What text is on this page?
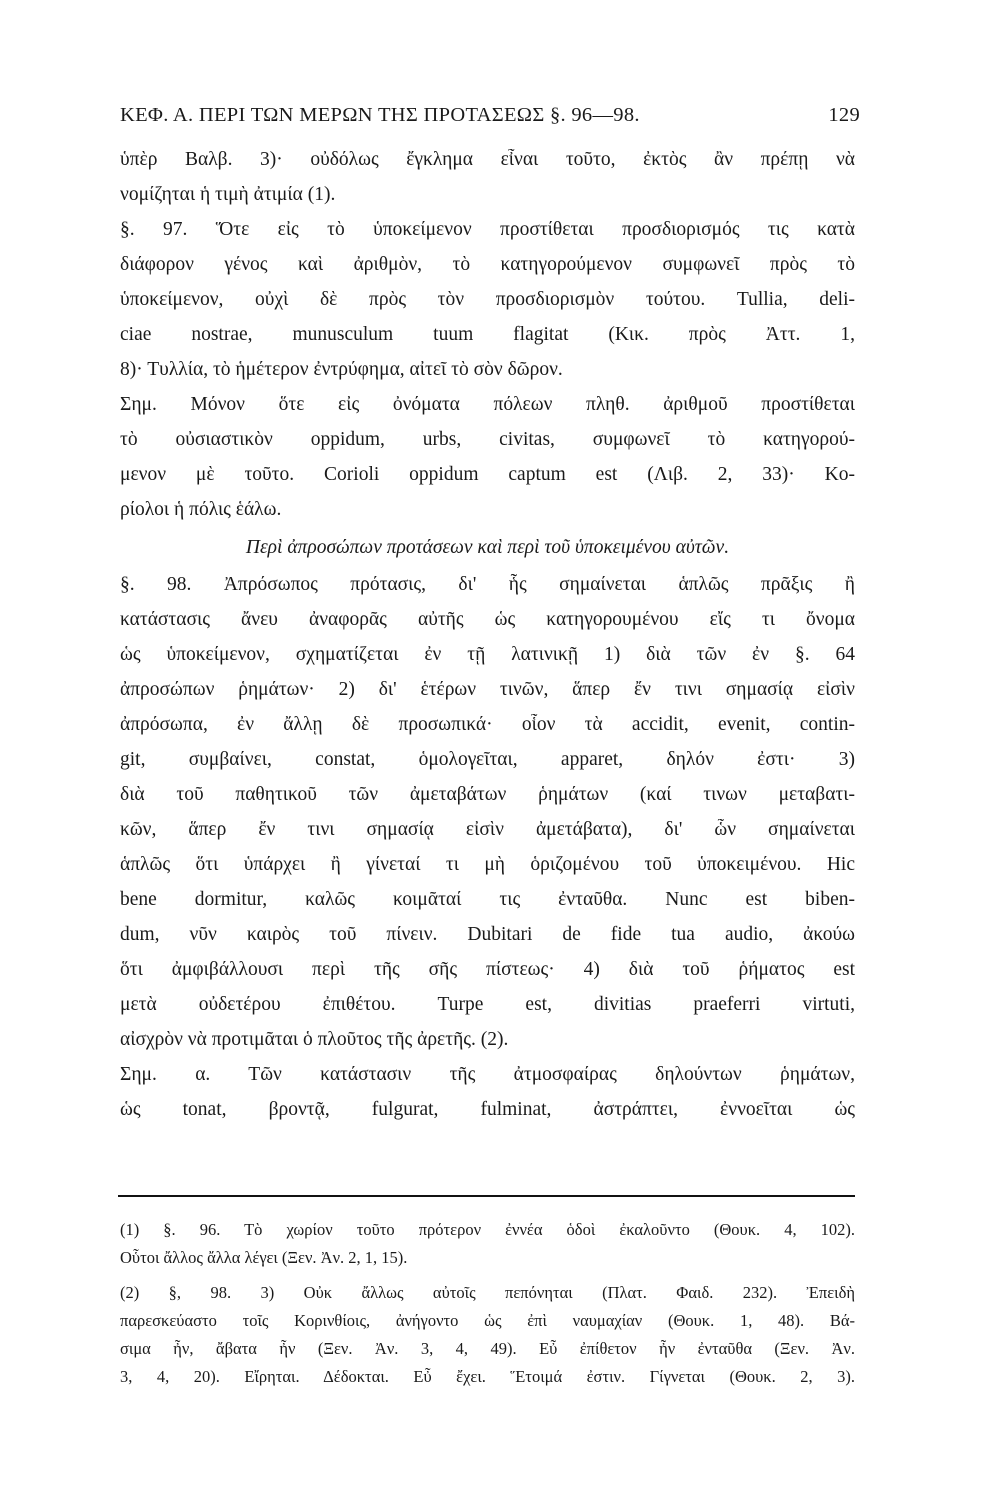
ΚΕΦ. Α. ΠΕΡΙ ΤΩΝ ΜΕΡΩΝ ΤΗΣ ΠΡΟΤΑΣΕΩΣ §. 96—98.	129
ὑπὲρ Βαλβ. 3)· οὐδόλως ἔγκλημα εἶναι τοῦτο, ἐκτὸς ἂν πρέπῃ νὰ
νομίζηται ἡ τιμὴ ἀτιμία (1).
§. 97. Ὅτε εἰς τὸ ὑποκείμενον προστίθεται προσδιορισμός τις κατὰ
διάφορον γένος καὶ ἀριθμὸν, τὸ κατηγορούμενον συμφωνεῖ πρὸς τὸ
ὑποκείμενον, οὐχὶ δὲ πρὸς τὸν προσδιορισμὸν τούτου. Tullia, deli-
ciae nostrae, munusculum tuum flagitat (Κικ. πρὸς Ἀττ. 1,
8)· Τυλλία, τὸ ἡμέτερον ἐντρύφημα, αἰτεῖ τὸ σὸν δῶρον.
Σημ. Μόνον ὅτε εἰς ὀνόματα πόλεων πληθ. ἀριθμοῦ προστίθεται
τὸ οὐσιαστικὸν oppidum, urbs, civitas, συμφωνεῖ τὸ κατηγορού-
μενον μὲ τοῦτο. Corioli oppidum captum est (Λιβ. 2, 33)· Κο-
ρίολοι ἡ πόλις ἑάλω.
Περὶ ἀπροσώπων προτάσεων καὶ περὶ τοῦ ὑποκειμένου αὐτῶν.
§. 98. Ἀπρόσωπος πρότασις, δι' ἧς σημαίνεται ἁπλῶς πρᾶξις ἢ
κατάστασις ἄνευ ἀναφορᾶς αὐτῆς ὡς κατηγορουμένου εἴς τι ὄνομα
ὡς ὑποκείμενον, σχηματίζεται ἐν τῇ λατινικῇ 1) διὰ τῶν ἐν §. 64
ἀπροσώπων ῥημάτων· 2) δι' ἑτέρων τινῶν, ἅπερ ἔν τινι σημασίᾳ εἰσὶν
ἀπρόσωπα, ἐν ἄλλῃ δὲ προσωπικά· οἷον τὰ accidit, evenit, contin-
git, συμβαίνει, constat, ὁμολογεῖται, apparet, δηλόν ἐστι· 3)
διὰ τοῦ παθητικοῦ τῶν ἀμεταβάτων ῥημάτων (καί τινων μεταβατι-
κῶν, ἅπερ ἔν τινι σημασίᾳ εἰσὶν ἀμετάβατα), δι' ὧν σημαίνεται
ἁπλῶς ὅτι ὑπάρχει ἢ γίνεταί τι μὴ ὁριζομένου τοῦ ὑποκειμένου. Hic
bene dormitur, καλῶς κοιμᾶταί τις ἐνταῦθα. Nunc est biben-
dum, νῦν καιρὸς τοῦ πίνειν. Dubitari de fide tua audio, ἀκούω
ὅτι ἀμφιβάλλουσι περὶ τῆς σῆς πίστεως· 4) διὰ τοῦ ῥήματος est
μετὰ οὐδετέρου ἐπιθέτου. Turpe est, divitias praeferri virtuti,
αἰσχρὸν νὰ προτιμᾶται ὁ πλοῦτος τῆς ἀρετῆς. (2).
Σημ. α. Τῶν κατάστασιν τῆς ἀτμοσφαίρας δηλούντων ῥημάτων,
ὡς tonat, βροντᾷ, fulgurat, fulminat, ἀστράπτει, ἐννοεῖται ὡς
(1) §. 96. Τὸ χωρίον τοῦτο πρότερον ἐννέα ὁδοὶ ἐκαλοῦντο (Θουκ. 4, 102).
Οὗτοι ἄλλος ἄλλα λέγει (Ξεν. Ἀν. 2, 1, 15).
(2) §, 98. 3) Οὐκ ἄλλως αὐτοῖς πεπόνηται (Πλατ. Φαιδ. 232). Ἐπειδὴ
παρεσκεύαστο τοῖς Κορινθίοις, ἀνήγοντο ὡς ἐπὶ ναυμαχίαν (Θουκ. 1, 48). Βά-
σιμα ἦν, ἄβατα ἦν (Ξεν. Ἀν. 3, 4, 49). Εὖ ἐπίθετον ἦν ἐνταῦθα (Ξεν. Ἀν.
3, 4, 20). Εἴρηται. Δέδοκται. Εὖ ἔχει. Ἕτοιμά ἐστιν. Γίγνεται (Θουκ. 2, 3).
